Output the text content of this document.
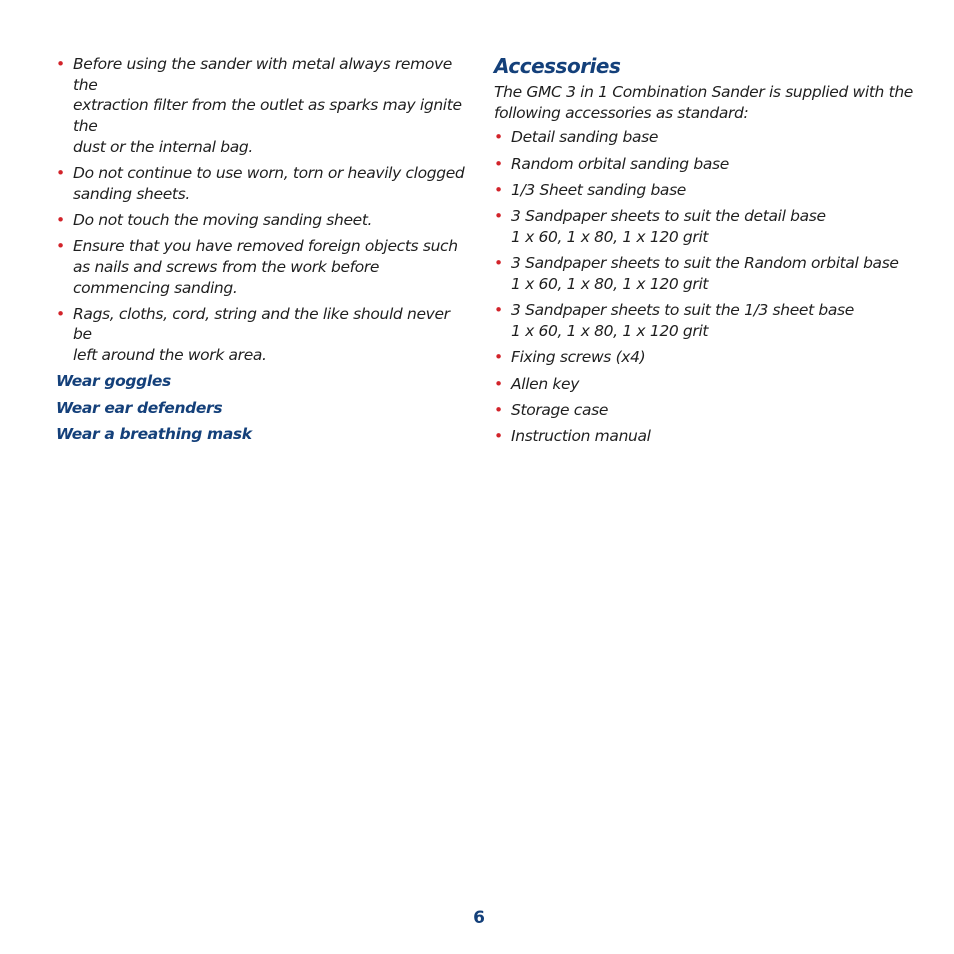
• Before using the sander with metal always remove the
extraction filter from the outlet as sparks may ignite the
dust or the internal bag.
• Do not continue to use worn, torn or heavily clogged
sanding sheets.
• Do not touch the moving sanding sheet.
• Ensure that you have removed foreign objects such
as nails and screws from the work before
commencing sanding.
• Rags, cloths, cord, string and the like should never be
left around the work area.
Wear goggles
Wear ear defenders
Wear a breathing mask
Accessories

The GMC 3 in 1 Combination Sander is supplied with the
following accessories as standard:

• Detail sanding base
• Random orbital sanding base
• 1/3 Sheet sanding base
• 3 Sandpaper sheets to suit the detail base
1 x 60, 1 x 80, 1 x 120 grit
• 3 Sandpaper sheets to suit the Random orbital base
1 x 60, 1 x 80, 1 x 120 grit
• 3 Sandpaper sheets to suit the 1/3 sheet base
1 x 60, 1 x 80, 1 x 120 grit
• Fixing screws (x4)
• Allen key
• Storage case
• Instruction manual
6
